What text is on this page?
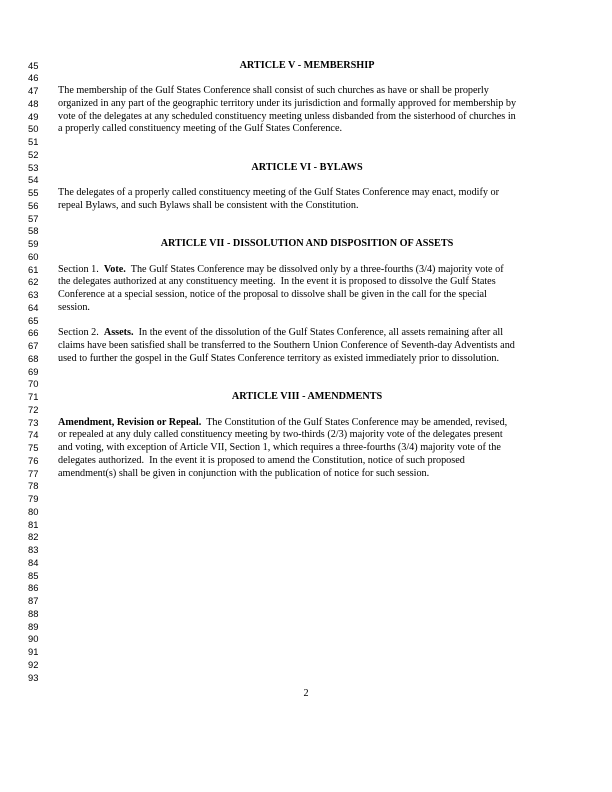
45	ARTICLE V - MEMBERSHIP
46
47	The membership of the Gulf States Conference shall consist of such churches as have or shall be properly
48	organized in any part of the geographic territory under its jurisdiction and formally approved for membership by
49	vote of the delegates at any scheduled constituency meeting unless disbanded from the sisterhood of churches in
50	a properly called constituency meeting of the Gulf States Conference.
51
52
53	ARTICLE VI - BYLAWS
54
55	The delegates of a properly called constituency meeting of the Gulf States Conference may enact, modify or
56	repeal Bylaws, and such Bylaws shall be consistent with the Constitution.
57
58
59	ARTICLE VII - DISSOLUTION AND DISPOSITION OF ASSETS
60
61	Section 1.  Vote.  The Gulf States Conference may be dissolved only by a three-fourths (3/4) majority vote of
62	the delegates authorized at any constituency meeting.  In the event it is proposed to dissolve the Gulf States
63	Conference at a special session, notice of the proposal to dissolve shall be given in the call for the special
64	session.
65
66	Section 2.  Assets.  In the event of the dissolution of the Gulf States Conference, all assets remaining after all
67	claims have been satisfied shall be transferred to the Southern Union Conference of Seventh-day Adventists and
68	used to further the gospel in the Gulf States Conference territory as existed immediately prior to dissolution.
69
70
71	ARTICLE VIII - AMENDMENTS
72
73	Amendment, Revision or Repeal.  The Constitution of the Gulf States Conference may be amended, revised,
74	or repealed at any duly called constituency meeting by two-thirds (2/3) majority vote of the delegates present
75	and voting, with exception of Article VII, Section 1, which requires a three-fourths (3/4) majority vote of the
76	delegates authorized.  In the event it is proposed to amend the Constitution, notice of such proposed
77	amendment(s) shall be given in conjunction with the publication of notice for such session.
78
79
80
81
82
83
84
85
86
87
88
89
90
91
92
93
2
